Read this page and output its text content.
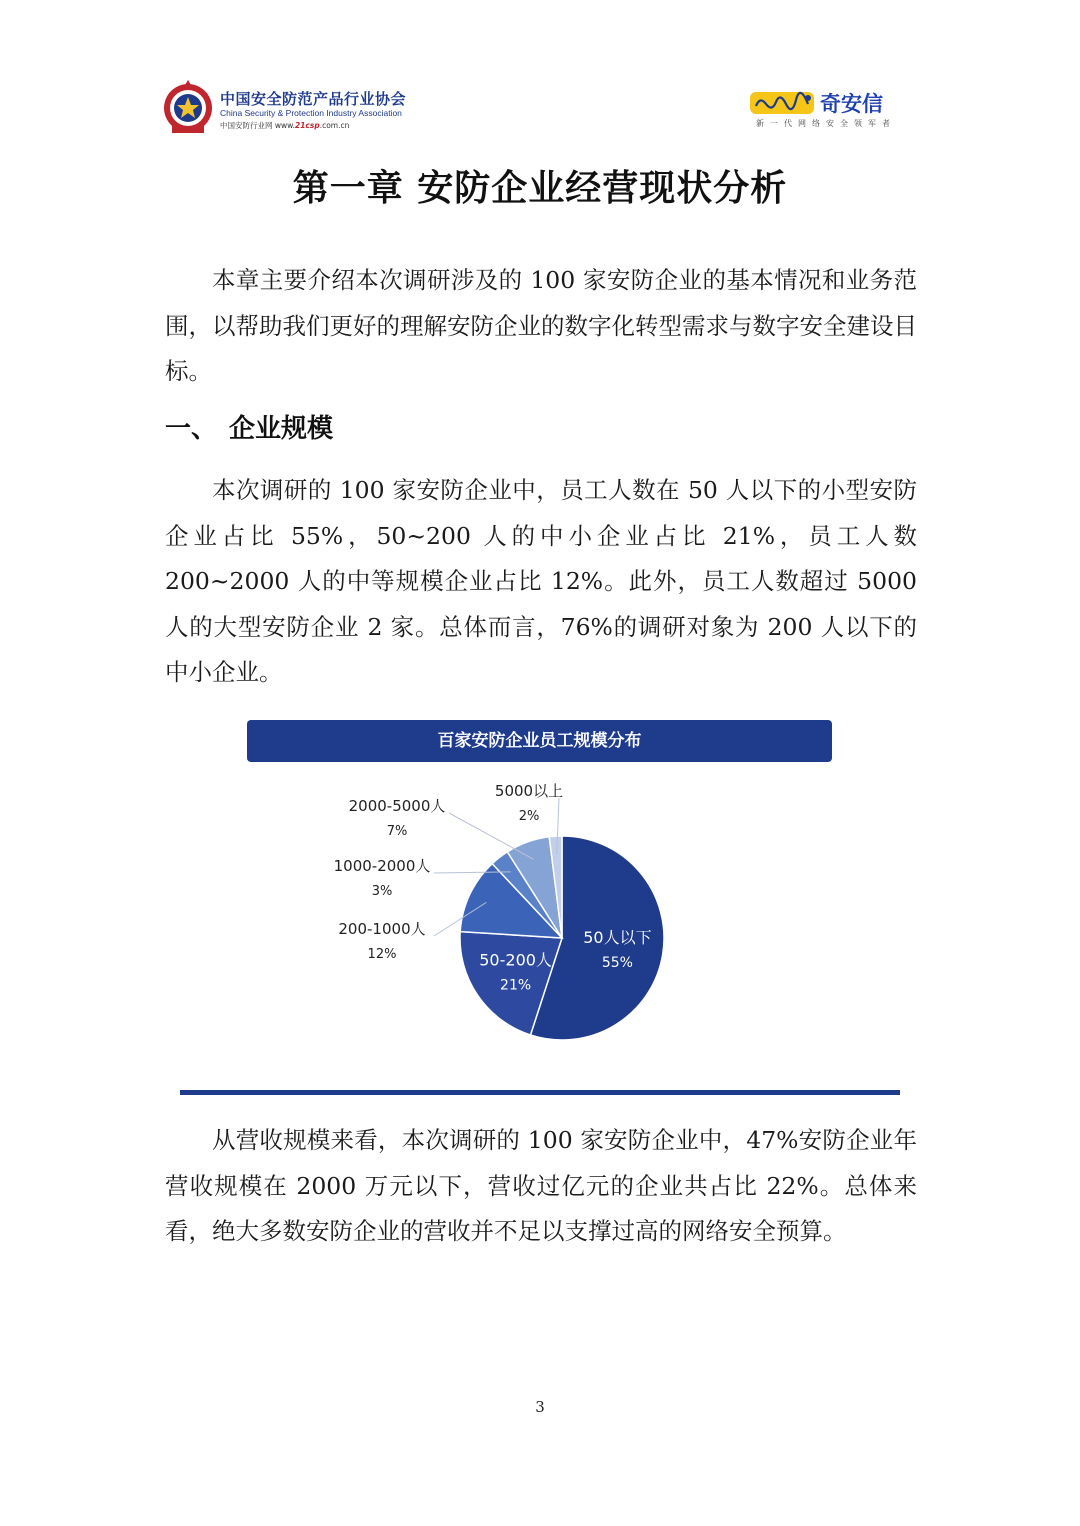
中国安全防范产品行业协会
China Security & Protection Industry Association
中国安防行业网 www.21csp.com.cn
奇安信
新一代网络安全领军者
第一章 安防企业经营现状分析

本章主要介绍本次调研涉及的 100 家安防企业的基本情况和业务范围，以帮助我们更好的理解安防企业的数字化转型需求与数字安全建设目标。

一、 企业规模

本次调研的 100 家安防企业中，员工人数在 50 人以下的小型安防企业占比 55%，50~200 人的中小企业占比 21%，员工人数200~2000 人的中等规模企业占比 12%。此外，员工人数超过 5000人的大型安防企业 2 家。总体而言，76%的调研对象为 200 人以下的中小企业。

百家安防企业员工规模分布
50人以下
55%
50-200人
21%
200-1000人
12%
1000-2000人
3%
2000-5000人
7%
5000以上
2%

从营收规模来看，本次调研的 100 家安防企业中，47%安防企业年营收规模在 2000 万元以下，营收过亿元的企业共占比 22%。总体来看，绝大多数安防企业的营收并不足以支撑过高的网络安全预算。

3
